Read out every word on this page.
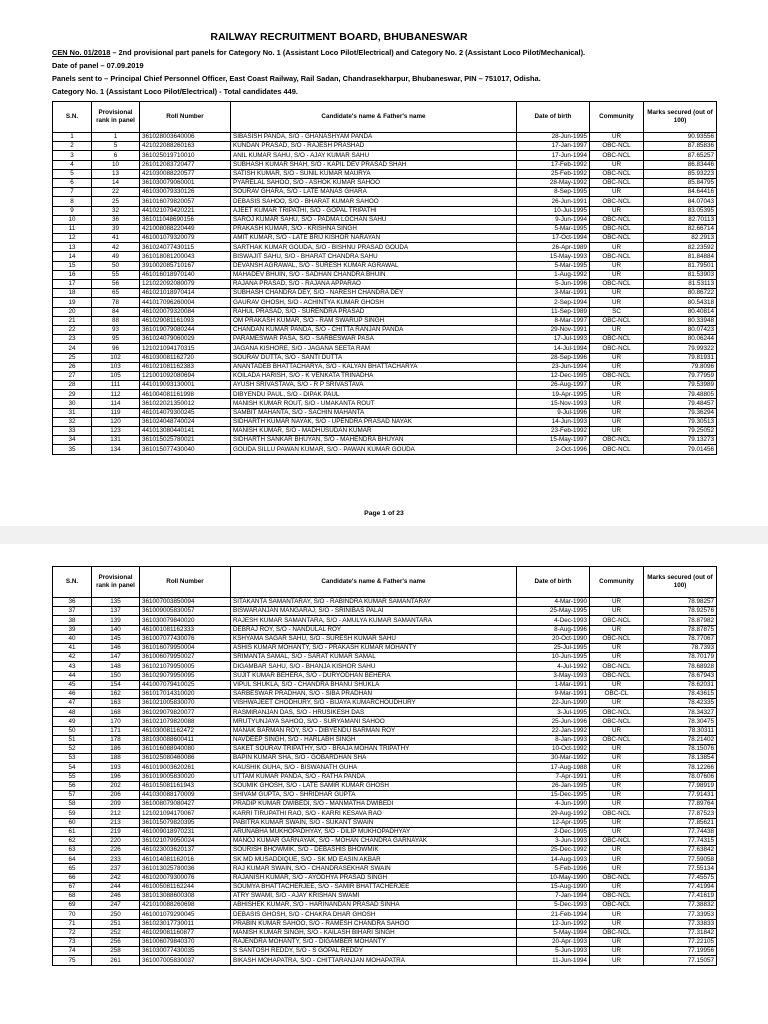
RAILWAY RECRUITMENT BOARD, BHUBANESWAR
CEN No. 01/2018 – 2nd provisional part panels for Category No. 1 (Assistant Loco Pilot/Electrical) and Category No. 2 (Assistant Loco Pilot/Mechanical).
Date of panel – 07.09.2019
Panels sent to – Principal Chief Personnel Officer, East Coast Railway, Rail Sadan, Chandrasekharpur, Bhubaneswar, PIN – 751017, Odisha.
Category No. 1 (Assistant Loco Pilot/Electrical) - Total candidates 449.
S.N.	Provisional rank in panel	Roll Number	Candidate's name & Father's name	Date of birth	Community	Marks secured (out of 100)
1	1	361028003640006	SIBASISH PANDA, S/O - GHANASHYAM PANDA	28-Jun-1995	UR	90.93556
2	5	421022088260163	KUNDAN PRASAD, S/O - RAJESH PRASHAD	17-Jan-1997	OBC-NCL	87.85836
3	6	361025019710010	ANIL KUMAR SAHU, S/O - AJAY KUMAR SAHU	17-Jun-1994	OBC-NCL	87.65257
4	10	261012083720477	SUBHASH KUMAR SHAH, S/O - KAPIL DEV PRASAD SHAH	17-Feb-1992	UR	86.83446
5	13	421030088220577	SATISH KUMAR, S/O - SUNIL KUMAR MAURYA	25-Feb-1992	OBC-NCL	85.93223
6	14	361030079060001	PYARELAL SAHOO, S/O - ASHOK KUMAR SAHOO	28-May-1992	OBC-NCL	85.84795
7	22	461030079330126	SOURAV GHARA, S/O - LATE MANAS GHARA	8-Sep-1995	UR	84.64416
8	25	361016079820057	DEBASIS SAHOO, S/O - BHARAT KUMAR SAHOO	26-Jun-1991	OBC-NCL	84.07043
9	32	441021079420221	AJEET KUMAR TRIPATHI, S/O - GOPAL TRIPATHI	10-Jul-1995	UR	83.05395
10	36	361011048690156	SAROJ KUMAR SAHU, S/O - PADMA LOCHAN SAHU	9-Jun-1994	OBC-NCL	82.70113
11	39	421008088220449	PRAKASH KUMAR, S/O - KRISHNA SINGH	5-Mar-1995	OBC-NCL	82.66714
12	41	461001079320079	AMIT KUMAR, S/O - LATE BRIJ KISHOR NARAYAN	17-Oct-1994	OBC-NCL	82.2913
13	42	361024077430115	SARTHAK KUMAR GOUDA, S/O - BISHNU PRASAD GOUDA	26-Apr-1989	UR	82.23592
14	49	361018081200043	BISWAJIT SAHU, S/O - BHARAT CHANDRA SAHU	15-May-1993	OBC-NCL	81.84884
15	50	391002085710167	DEVANSH AGRAWAL, S/O - SURESH KUMAR AGRAWAL	5-Mar-1995	UR	81.79501
16	55	461016018970140	MAHADEV BHUIN, S/O - SADHAN CHANDRA BHUIN	1-Aug-1992	UR	81.53903
17	56	121022092080079	RAJANA PRASAD, S/O - RAJANA APPARAO	5-Jun-1996	OBC-NCL	81.53113
18	65	461021018970414	SUBHASH CHANDRA DEY, S/O - NARESH CHANDRA DEY	3-Mar-1991	UR	80.86722
19	78	441017096260004	GAURAV GHOSH, S/O - ACHINTYA KUMAR GHOSH	2-Sep-1994	UR	80.54318
20	84	461020079320084	RAHUL PRASAD, S/O - SURENDRA PRASAD	11-Sep-1989	SC	80.40814
21	88	461029081161093	OM PRAKASH KUMAR, S/O - RAM SWARUP SINGH	8-Mar-1997	OBC-NCL	80.33948
22	93	361019079080244	CHANDAN KUMAR PANDA, S/O - CHITTA RANJAN PANDA	29-Nov-1991	UR	80.07423
23	95	361024079060029	PARAMESWAR PASA, S/O - SARBESWAR PASA	17-Jul-1993	OBC-NCL	80.06244
24	96	121021094170315	JAGANA KISHORE, S/O - JAGANA SEETA RAM	14-Jul-1994	OBC-NCL	79.99322
25	102	461030081162720	SOURAV DUTTA, S/O - SANTI DUTTA	28-Sep-1996	UR	79.81931
26	103	461021081162383	ANANTADEB BHATTACHARYA, S/O - KALYAN BHATTACHARYA	23-Jun-1994	UR	79.8096
27	105	121001092080694	KOILADA HARISH, S/O - K VENKATA TRINADHA	12-Dec-1995	OBC-NCL	79.77959
28	111	441019093130001	AYUSH SRIVASTAVA, S/O - R P SRIVASTAVA	26-Aug-1997	UR	79.53989
29	112	461004081161998	DIBYENDU PAUL, S/O - DIPAK PAUL	19-Apr-1995	UR	79.48805
30	114	361022021350012	MANISH KUMAR ROUT, S/O - UMAKANTA ROUT	15-Nov-1993	UR	79.48457
31	119	461014079300245	SAMBIT MAHANTA, S/O - SACHIN MAHANTA	9-Jul-1996	UR	79.36294
32	120	361024048740024	SIDHARTH KUMAR NAYAK, S/O - UPENDRA PRASAD NAYAK	14-Jun-1993	UR	79.30513
33	123	441013080440141	MANISH KUMAR, S/O - MADHUSUDAN KUMAR	23-Feb-1992	UR	79.25052
34	131	361015025780021	SIDHARTH SANKAR BHUYAN, S/O - MAHENDRA BHUYAN	15-May-1997	OBC-NCL	79.13273
35	134	361015077430040	GOUDA SILLU PAWAN KUMAR, S/O - PAWAN KUMAR GOUDA	2-Oct-1996	OBC-NCL	79.01456
Page 1 of 23
S.N.	Provisional rank in panel	Roll Number	Candidate's name & Father's name	Date of birth	Community	Marks secured (out of 100)
36	135	361007003850094	SITAKANTA SAMANTARAY, S/O - RABINDRA KUMAR SAMANTARAY	4-Mar-1990	UR	78.98257
37	137	361009005830057	BISWARANJAN MANGARAJ, S/O - SRINIBAS PALAI	25-May-1995	UR	78.92576
38	139	361030079840020	RAJESH KUMAR SAMANTARA, S/O - AMULYA KUMAR SAMANTARA	4-Dec-1993	OBC-NCL	78.87982
39	140	461001081162333	DEBRAJ ROY, S/O - NANDULAL ROY	8-Aug-1996	UR	78.87875
40	145	361007077430076	KSHYAMA SAGAR SAHU, S/O - SURESH KUMAR SAHU	20-Oct-1990	OBC-NCL	78.77067
41	146	361016079950004	ASHIS KUMAR MOHANTY, S/O - PRAKASH KUMAR MOHANTY	25-Jul-1995	UR	78.7393
42	147	361006079950027	SRIMANTA SAMAL, S/O - SARAT KUMAR SAMAL	10-Jun-1995	UR	78.70179
43	148	361021079950005	DIGAMBAR SAHU, S/O - BHANJA KISHOR SAHU	4-Jul-1992	OBC-NCL	78.68928
44	150	361029079950095	SUJIT KUMAR BEHERA, S/O - DURYODHAN BEHERA	3-May-1993	OBC-NCL	78.67943
45	154	441007079410025	VIPUL SHUKLA, S/O - CHANDRA BHANU SHUKLA	1-Mar-1991	UR	78.62031
46	162	361017014310020	SARBESWAR PRADHAN, S/O - SIBA PRADHAN	9-Mar-1991	OBC-CL	78.43615
47	163	361021005830070	VISHWAJEET CHODHURY, S/O - BIJAYA KUMARCHOUDHURY	22-Jun-1990	UR	78.42335
48	168	361029079820077	RASMIRANJAN DAS, S/O - HRUSIKESH DAS	3-Jul-1995	OBC-NCL	78.34327
49	170	361021079820088	MRUTYUNJAYA SAHOO, S/O - SURYAMANI SAHOO	25-Jun-1996	OBC-NCL	78.30475
50	171	461030081162472	MANAK BARMAN ROY, S/O - DIBYENDU BARMAN ROY	22-Jan-1992	UR	78.30311
51	178	381030088600411	NAVDEEP SINGH, S/O - HARLABH SINGH	8-Jan-1993	OBC-NCL	78.21402
52	186	361016088940080	SAKET SOURAV TRIPATHY, S/O - BRAJA MOHAN TRIPATHY	10-Oct-1992	UR	78.15076
53	188	361025080460086	BAPIN KUMAR SHA, S/O - GOBARDHAN SHA	30-Mar-1992	UR	78.13854
54	193	461019003620261	KAUSHIK GUHA, S/O - BISWANATH GUHA	17-Aug-1988	UR	78.12266
55	196	361019005830020	UTTAM KUMAR PANDA, S/O - RATHA PANDA	7-Apr-1991	UR	78.07606
56	202	461015081161943	SOUMIK GHOSH, S/O - LATE SAMIR KUMAR GHOSH	26-Jan-1995	UR	77.98919
57	206	441030088170009	SHIVAM GUPTA, S/O - SHRIDHAR GUPTA	15-Dec-1995	UR	77.91431
58	209	361008079080427	PRADIP KUMAR DWIBEDI, S/O - MANMATHA DWIBEDI	4-Jun-1990	UR	77.89764
59	212	121021094170067	KARRI TIRUPATHI RAO, S/O - KARRI KESAVA RAO	29-Aug-1992	OBC-NCL	77.87523
60	213	361015079820395	PABITRA KUMAR SWAIN, S/O - SUKANT SWAIN	12-Apr-1995	UR	77.85621
61	219	461009018970231	ARUNABHA MUKHOPADHYAY, S/O - DILIP MUKHOPADHYAY	2-Dec-1995	UR	77.74438
62	220	361021079950024	MANOJ KUMAR GARNAYAK, S/O - MOHAN CHANDRA GARNAYAK	3-Jun-1993	OBC-NCL	77.74315
63	226	461023003620137	SOURISH BHOWMIK, S/O - DEBASHIS BHOWMIK	25-Dec-1992	UR	77.63842
64	233	461014081162016	SK MD MUSADDIQUE, S/O - SK MD EASIN AKBAR	14-Aug-1993	UR	77.59058
65	237	361013025780036	RAJ KUMAR SWAIN, S/O - CHANDRASEKHAR SWAIN	5-Feb-1996	UR	77.55134
66	242	461020079300076	RAJANISH KUMAR, S/O - AYODHYA PRASAD SINGH	10-May-1990	OBC-NCL	77.45575
67	244	461005081162244	SOUMYA BHATTACHERJEE, S/O - SAMIR BHATTACHERJEE	15-Aug-1990	UR	77.41994
68	246	381013088600308	ATRY SWAMI, S/O - AJAY KRISHAN SWAMI	7-Jan-1994	OBC-NCL	77.41619
69	247	421010088260698	ABHISHEK KUMAR, S/O - HARINANDAN PRASAD SINHA	5-Dec-1993	OBC-NCL	77.38832
70	250	461001079290045	DEBASIS GHOSH, S/O - CHAKRA DHAR GHOSH	21-Feb-1994	UR	77.33953
71	251	361023017730011	PRABIN KUMAR SAHOO, S/O - RAMESH CHANDRA SAHOO	12-Jun-1992	UR	77.33833
72	252	461029081160877	MANISH KUMAR SINGH, S/O - KAILASH BIHARI SINGH	5-May-1994	OBC-NCL	77.31842
73	256	361006079840370	RAJENDRA MOHANTY, S/O - DIGAMBER MOHANTY	20-Apr-1993	UR	77.22105
74	258	361030077430035	S SANTOSH REDDY, S/O - S GOPAL REDDY	5-Jun-1993	UR	77.19956
75	261	361007005830037	BIKASH MOHAPATRA, S/O - CHITTARANJAN MOHAPATRA	11-Jun-1994	UR	77.15057
